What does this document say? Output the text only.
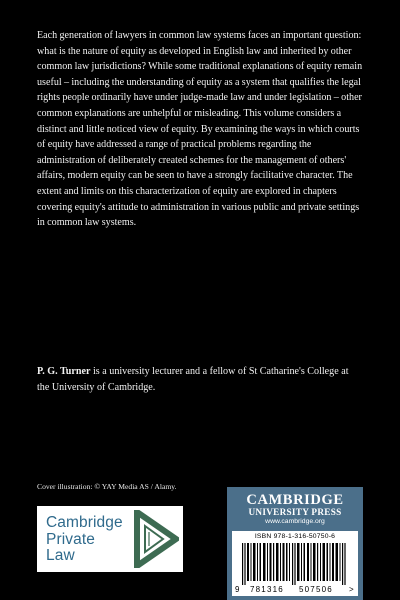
Each generation of lawyers in common law systems faces an important question: what is the nature of equity as developed in English law and inherited by other common law jurisdictions? While some traditional explanations of equity remain useful – including the understanding of equity as a system that qualifies the legal rights people ordinarily have under judge-made law and under legislation – other common explanations are unhelpful or misleading. This volume considers a distinct and little noticed view of equity. By examining the ways in which courts of equity have addressed a range of practical problems regarding the administration of deliberately created schemes for the management of others' affairs, modern equity can be seen to have a strongly facilitative character. The extent and limits on this characterization of equity are explored in chapters covering equity's attitude to administration in various public and private settings in common law systems.

P. G. Turner is a university lecturer and a fellow of St Catharine's College at the University of Cambridge.

Cover illustration: © YAY Media AS / Alamy.
Cambridge
Private
Law
CAMBRIDGE
UNIVERSITY PRESS
www.cambridge.org
ISBN 978-1-316-50750-6
9 781316 507506 >
